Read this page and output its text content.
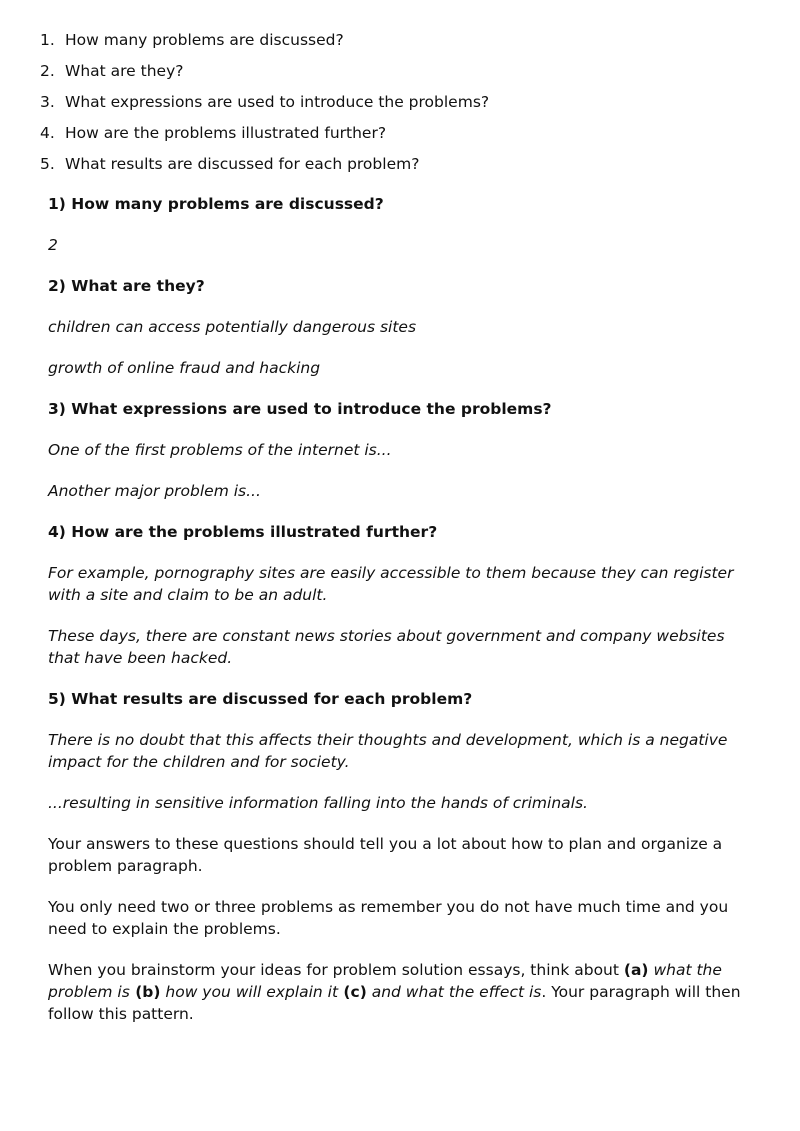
1. How many problems are discussed?
2. What are they?
3. What expressions are used to introduce the problems?
4. How are the problems illustrated further?
5. What results are discussed for each problem?

1) How many problems are discussed?

2

2) What are they?

children can access potentially dangerous sites

growth of online fraud and hacking

3) What expressions are used to introduce the problems?

One of the first problems of the internet is...

Another major problem is...

4) How are the problems illustrated further?

For example, pornography sites are easily accessible to them because they can register with a site and claim to be an adult.

These days, there are constant news stories about government and company websites that have been hacked.

5) What results are discussed for each problem?

There is no doubt that this affects their thoughts and development, which is a negative impact for the children and for society.

...resulting in sensitive information falling into the hands of criminals.

Your answers to these questions should tell you a lot about how to plan and organize a problem paragraph.

You only need two or three problems as remember you do not have much time and you need to explain the problems.

When you brainstorm your ideas for problem solution essays, think about (a) what the problem is (b) how you will explain it (c) and what the effect is. Your paragraph will then follow this pattern.
